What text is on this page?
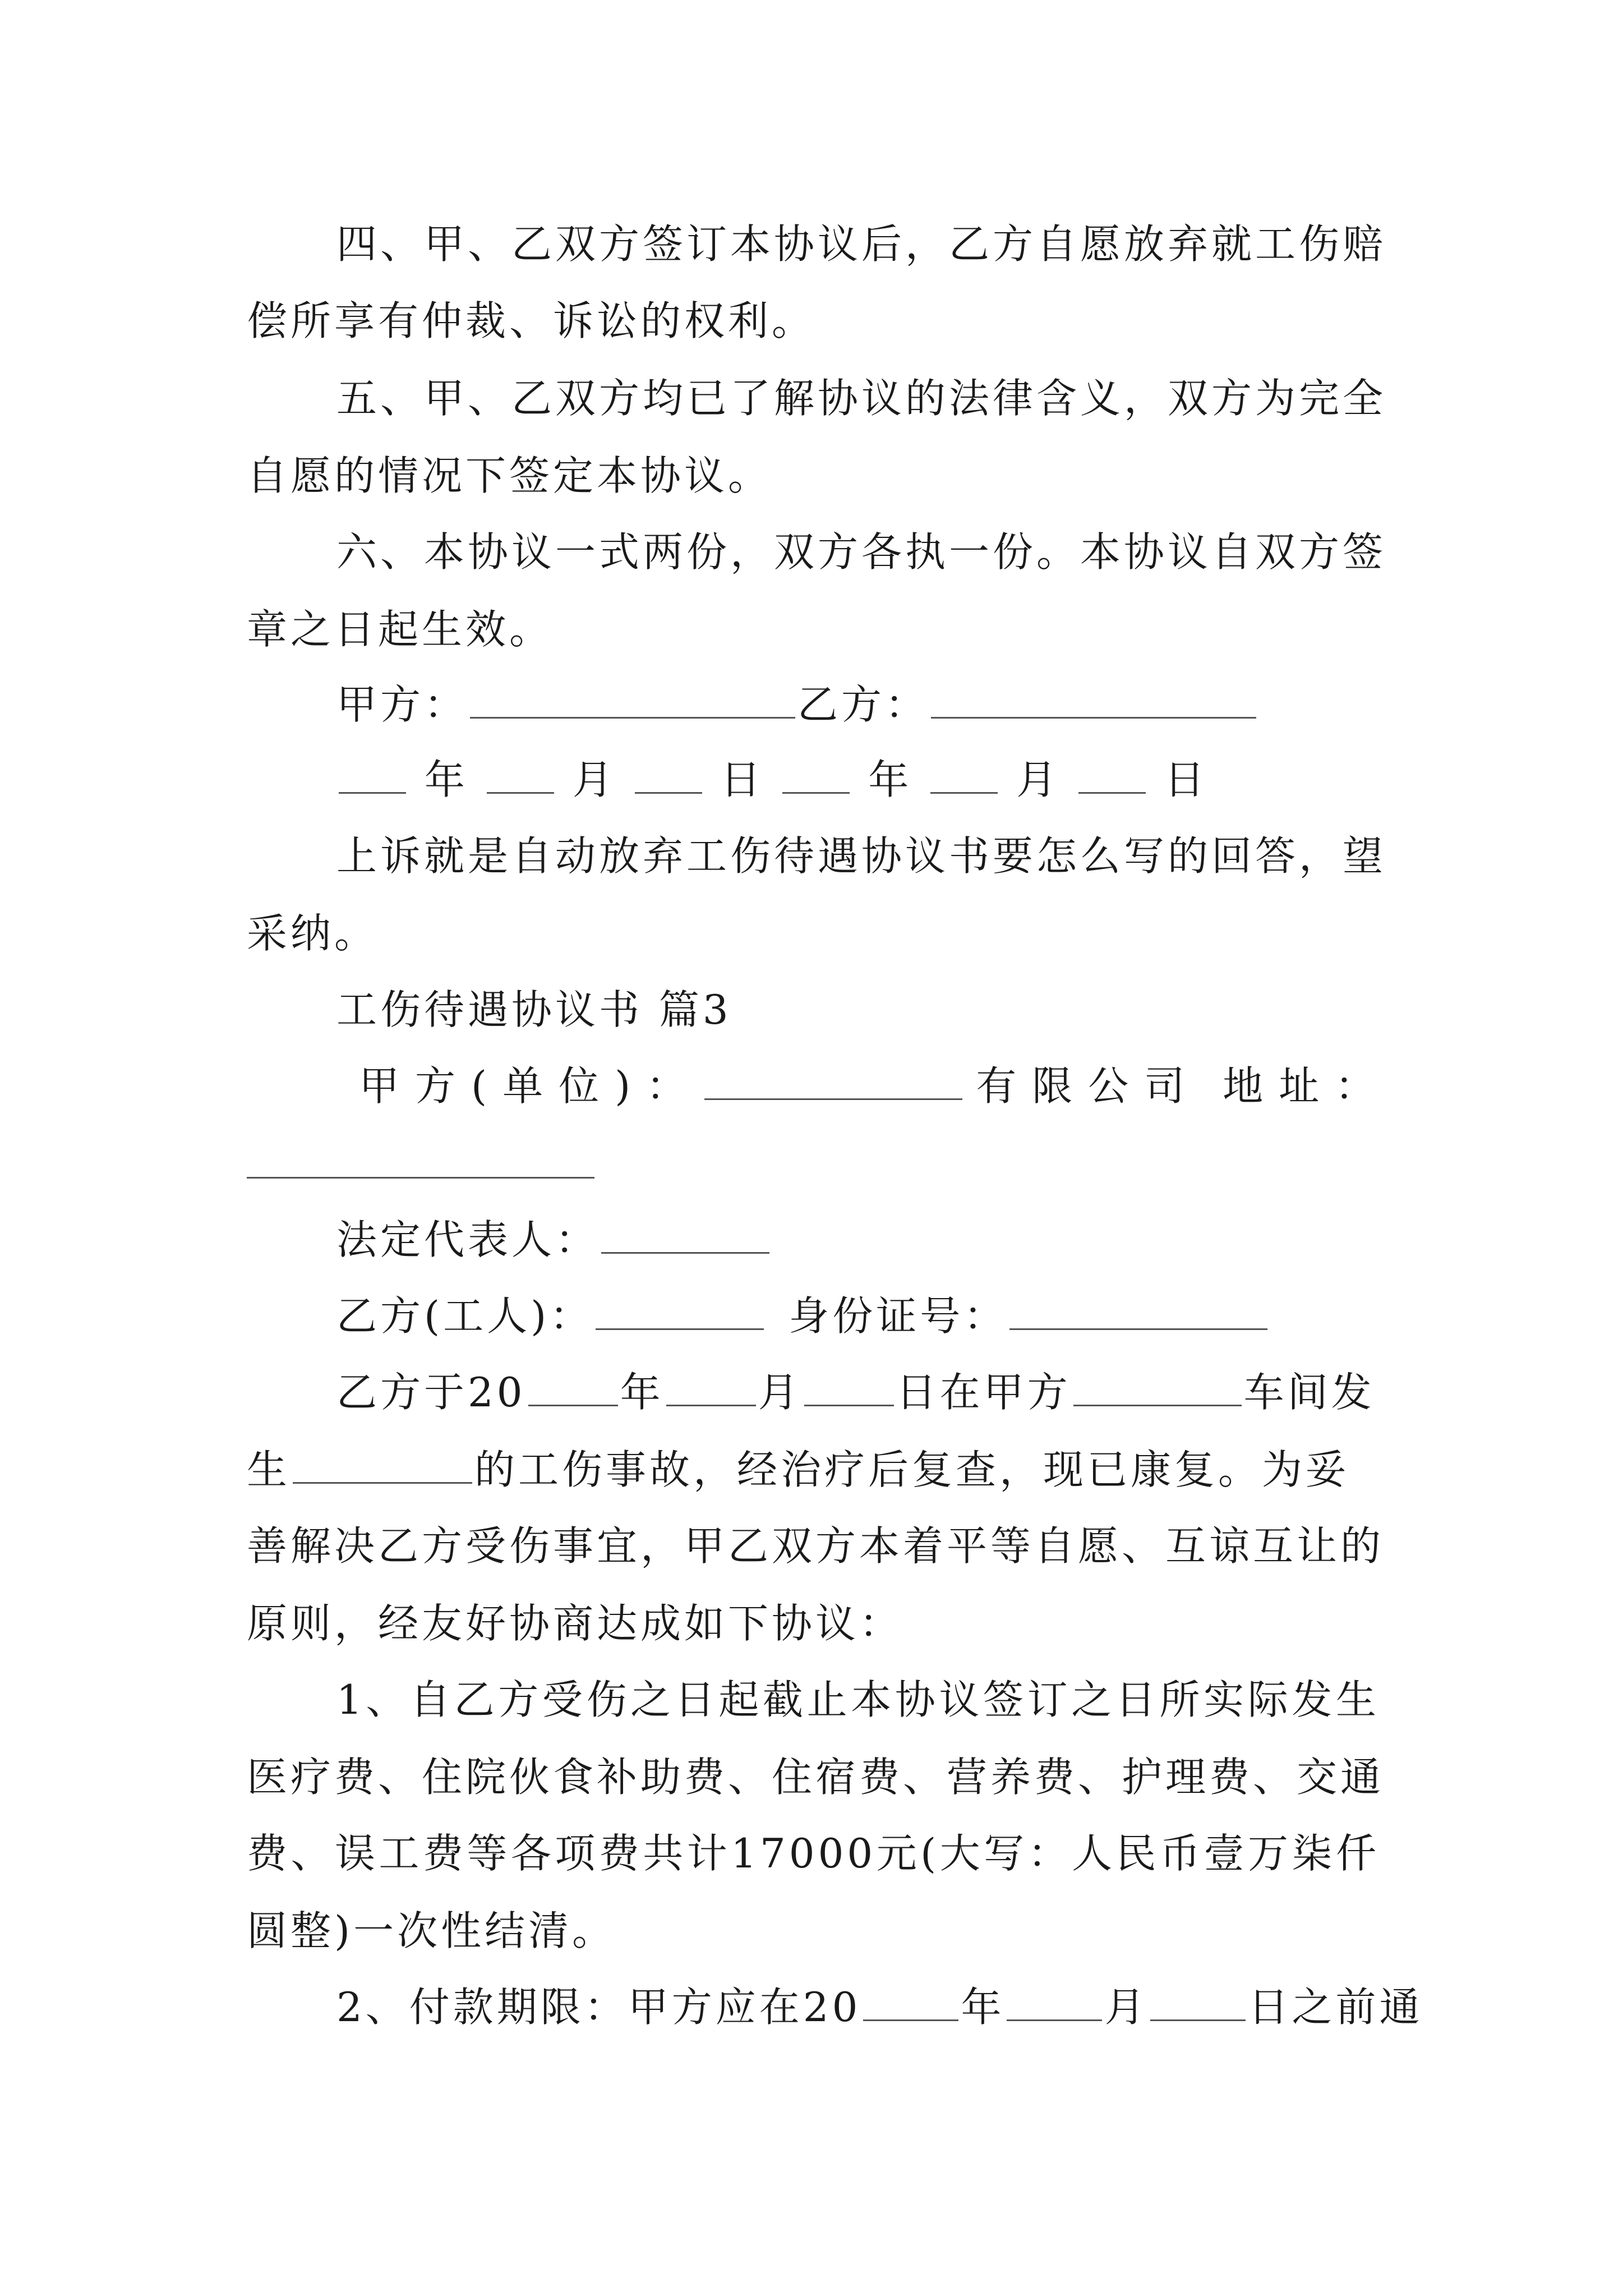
四、甲、乙双方签订本协议后，乙方自愿放弃就工伤赔
偿所享有仲裁、诉讼的权利。
五、甲、乙双方均已了解协议的法律含义，双方为完全
自愿的情况下签定本协议。
六、本协议一式两份，双方各执一份。本协议自双方签
章之日起生效。
甲方：	乙方：
年	月	日	年	月	日
上诉就是自动放弃工伤待遇协议书要怎么写的回答，望
采纳。
工伤待遇协议书 篇3
甲方(单位)：	有限公司 地址：
法定代表人：
乙方(工人)：	身份证号：
乙方于20 年 月 日在甲方	车间发
生	的工伤事故，经治疗后复查，现已康复。为妥
善解决乙方受伤事宜，甲乙双方本着平等自愿、互谅互让的
原则，经友好协商达成如下协议：
1、自乙方受伤之日起截止本协议签订之日所实际发生
医疗费、住院伙食补助费、住宿费、营养费、护理费、交通
费、误工费等各项费共计17000元(大写：人民币壹万柒仟
圆整)一次性结清。
2、付款期限：甲方应在20 年 月 日之前通
